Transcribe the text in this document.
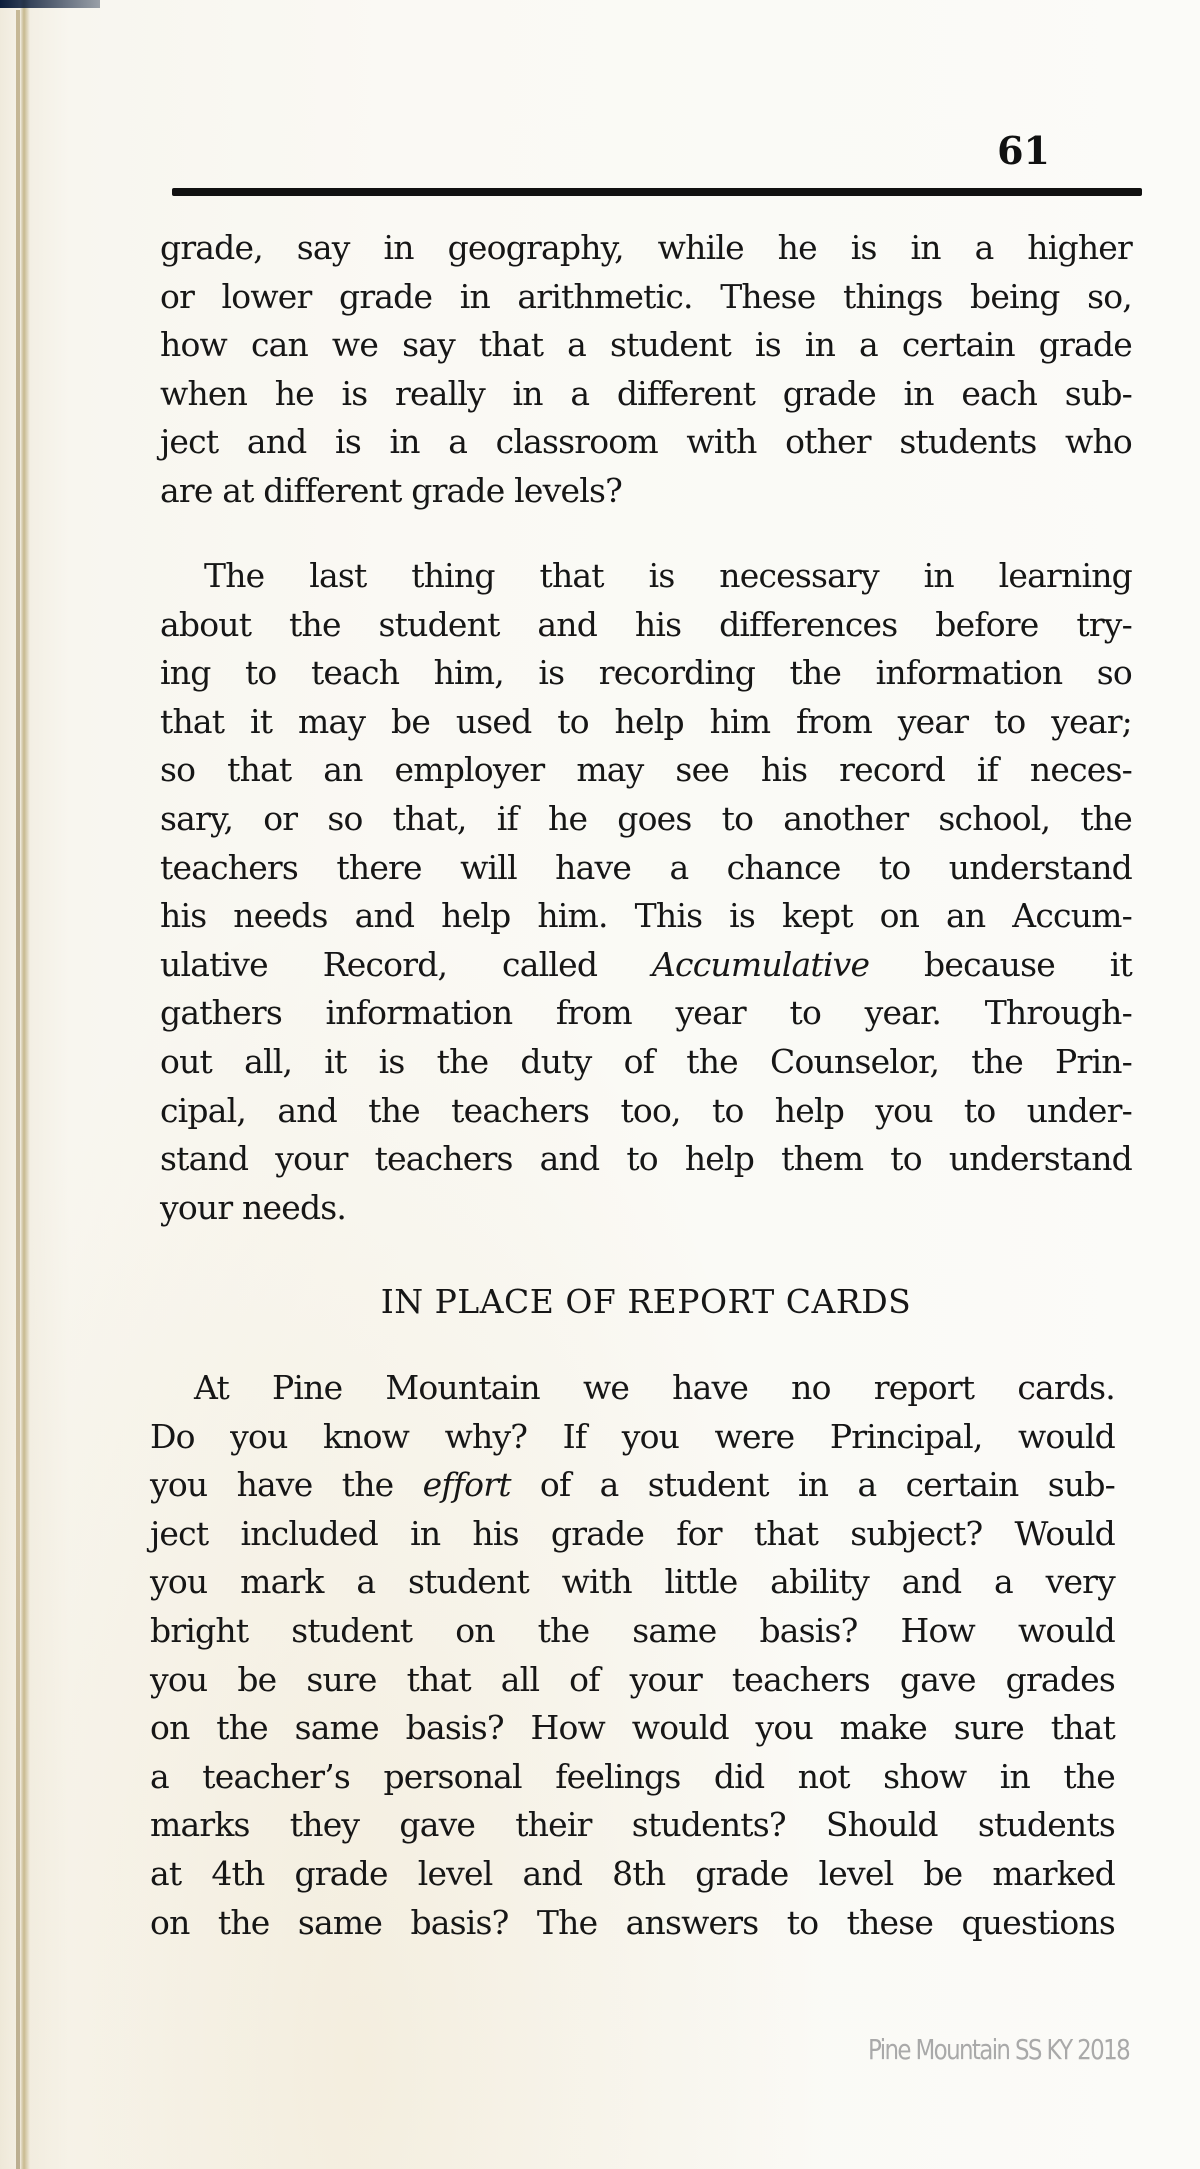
61
grade, say in geography, while he is in a higher
or lower grade in arithmetic. These things being so,
how can we say that a student is in a certain grade
when he is really in a different grade in each sub-
ject and is in a classroom with other students who
are at different grade levels?
The last thing that is necessary in learning
about the student and his differences before try-
ing to teach him, is recording the information so
that it may be used to help him from year to year;
so that an employer may see his record if neces-
sary, or so that, if he goes to another school, the
teachers there will have a chance to understand
his needs and help him. This is kept on an Accum-
ulative Record, called Accumulative because it
gathers information from year to year. Through-
out all, it is the duty of the Counselor, the Prin-
cipal, and the teachers too, to help you to under-
stand your teachers and to help them to understand
your needs.
IN PLACE OF REPORT CARDS
At Pine Mountain we have no report cards.
Do you know why? If you were Principal, would
you have the effort of a student in a certain sub-
ject included in his grade for that subject? Would
you mark a student with little ability and a very
bright student on the same basis? How would
you be sure that all of your teachers gave grades
on the same basis? How would you make sure that
a teacher’s personal feelings did not show in the
marks they gave their students? Should students
at 4th grade level and 8th grade level be marked
on the same basis? The answers to these questions
Pine Mountain SS KY 2018
